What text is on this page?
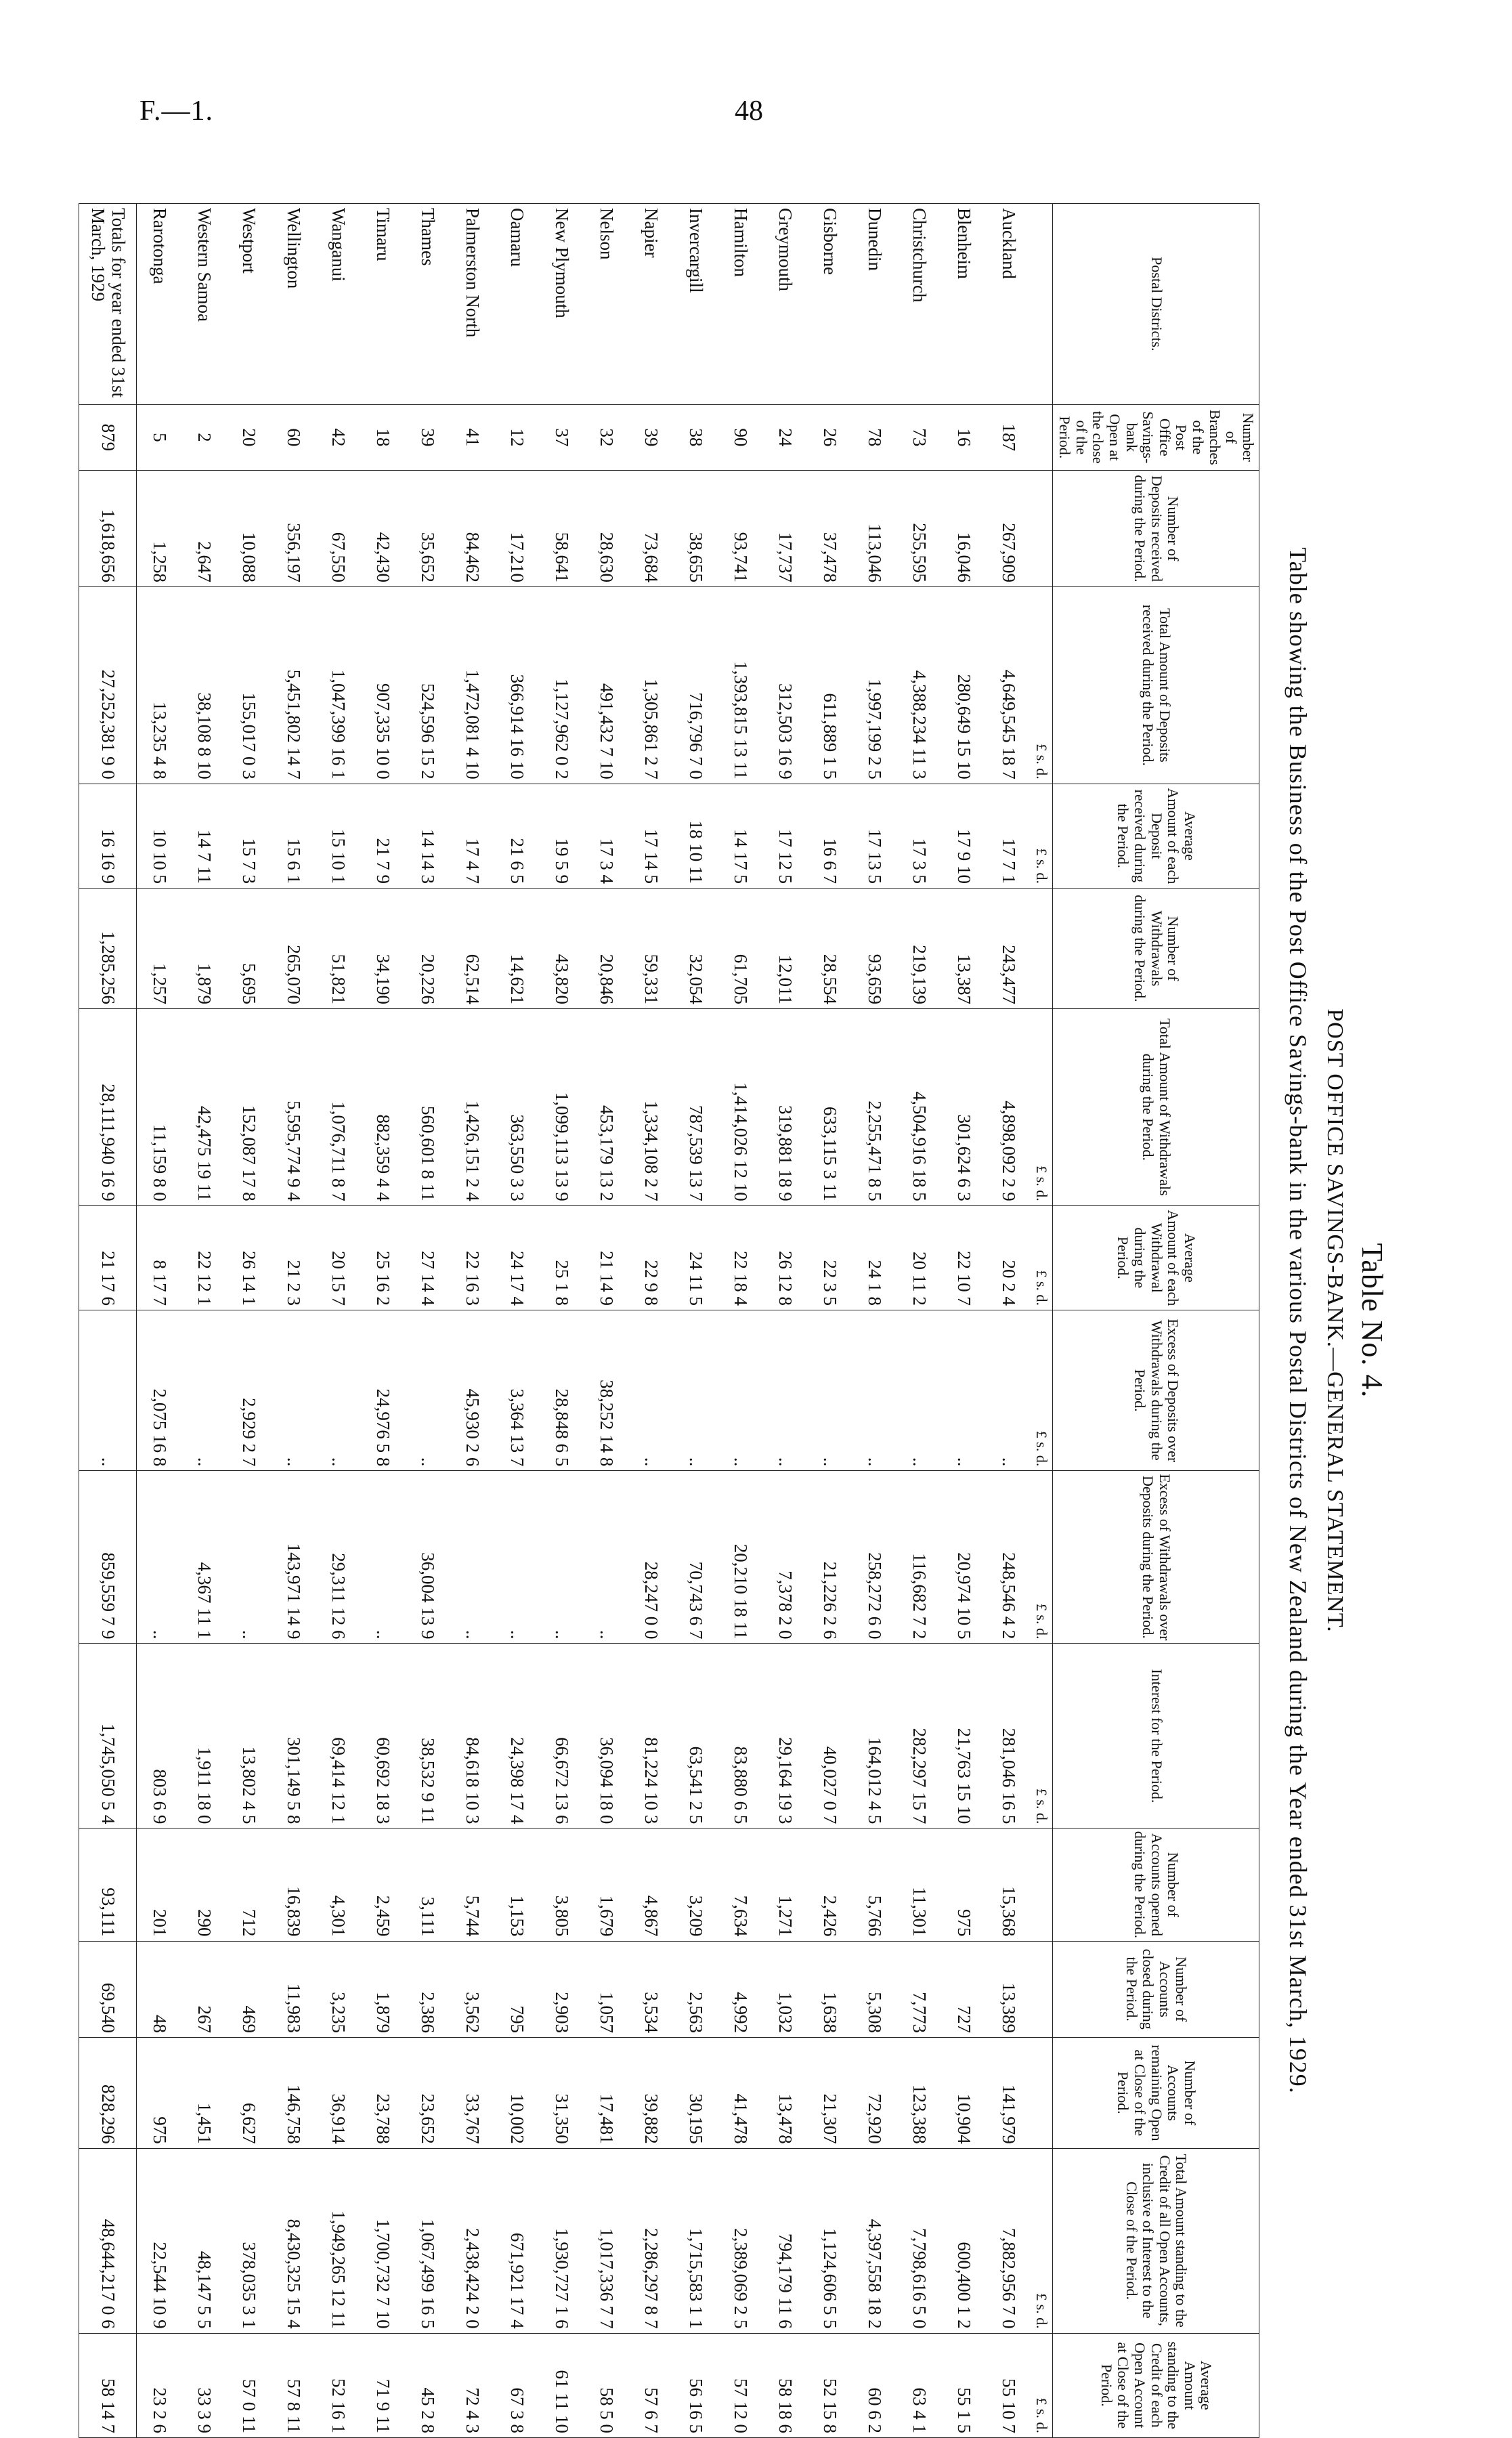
F.—1.	48
Table No. 4.
POST OFFICE SAVINGS-BANK.—GENERAL STATEMENT.
Table showing the Business of the Post Office Savings-bank in the various Postal Districts of New Zealand during the Year ended 31st March, 1929.
Postal Districts.	Number of Branches of the Post Office Savings-bank Open at the close of the Period.	Number of Deposits received during the Period.	Total Amount of Deposits received during the Period.	Average Amount of each Deposit received during the Period.	Number of Withdrawals during the Period.	Total Amount of Withdrawals during the Period.	Average Amount of each Withdrawal during the Period.	Excess of Deposits over Withdrawals during the Period.	Excess of Withdrawals over Deposits during the Period.	Interest for the Period.	Number of Accounts opened during the Period.	Number of Accounts closed during the Period.	Number of Accounts remaining Open at Close of the Period.	Total Amount standing to the Credit of all Open Accounts, inclusive of Interest to the Close of the Period.	Average Amount standing to the Credit of each Open Account at Close of the Period.
			£ s. d.	£ s. d.		£ s. d.	£ s. d.	£ s. d.	£ s. d.	£ s. d.				£ s. d.	£ s. d.
Auckland	187	267,909	4,649,545 18 7	17 7 1	243,477	4,898,092 2 9	20 2 4	..	248,546 4 2	281,046 16 5	15,368	13,389	141,979	7,882,956 7 0	55 10 7
Blenheim	16	16,046	280,649 15 10	17 9 10	13,387	301,624 6 3	22 10 7	..	20,974 10 5	21,763 15 10	975	727	10,904	600,400 1 2	55 1 5
Christchurch	73	255,595	4,388,234 11 3	17 3 5	219,139	4,504,916 18 5	20 11 2	..	116,682 7 2	282,297 15 7	11,301	7,773	123,388	7,798,616 5 0	63 4 1
Dunedin	78	113,046	1,997,199 2 5	17 13 5	93,659	2,255,471 8 5	24 1 8	..	258,272 6 0	164,012 4 5	5,766	5,308	72,920	4,397,558 18 2	60 6 2
Gisborne	26	37,478	611,889 1 5	16 6 7	28,554	633,115 3 11	22 3 5	..	21,226 2 6	40,027 0 7	2,426	1,638	21,307	1,124,606 5 5	52 15 8
Greymouth	24	17,737	312,503 16 9	17 12 5	12,011	319,881 18 9	26 12 8	..	7,378 2 0	29,164 19 3	1,271	1,032	13,478	794,179 11 6	58 18 6
Hamilton	90	93,741	1,393,815 13 11	14 17 5	61,705	1,414,026 12 10	22 18 4	..	20,210 18 11	83,880 6 5	7,634	4,992	41,478	2,389,069 2 5	57 12 0
Invercargill	38	38,655	716,796 7 0	18 10 11	32,054	787,539 13 7	24 11 5	..	70,743 6 7	63,541 2 5	3,209	2,563	30,195	1,715,583 1 1	56 16 5
Napier	39	73,684	1,305,861 2 7	17 14 5	59,331	1,334,108 2 7	22 9 8	..	28,247 0 0	81,224 10 3	4,867	3,534	39,882	2,286,297 8 7	57 6 7
Nelson	32	28,630	491,432 7 10	17 3 4	20,846	453,179 13 2	21 14 9	38,252 14 8	..	36,094 18 0	1,679	1,057	17,481	1,017,336 7 7	58 5 0
New Plymouth	37	58,641	1,127,962 0 2	19 5 9	43,820	1,099,113 13 9	25 1 8	28,848 6 5	..	66,672 13 6	3,805	2,903	31,350	1,930,727 1 6	61 11 10
Oamaru	12	17,210	366,914 16 10	21 6 5	14,621	363,550 3 3	24 17 4	3,364 13 7	..	24,398 17 4	1,153	795	10,002	671,921 17 4	67 3 8
Palmerston North	41	84,462	1,472,081 4 10	17 4 7	62,514	1,426,151 2 4	22 16 3	45,930 2 6	..	84,618 10 3	5,744	3,562	33,767	2,438,424 2 0	72 4 3
Thames	39	35,652	524,596 15 2	14 14 3	20,226	560,601 8 11	27 14 4	..	36,004 13 9	38,532 9 11	3,111	2,386	23,652	1,067,499 16 5	45 2 8
Timaru	18	42,430	907,335 10 0	21 7 9	34,190	882,359 4 4	25 16 2	24,976 5 8	..	60,692 18 3	2,459	1,879	23,788	1,700,732 7 10	71 9 11
Wanganui	42	67,550	1,047,399 16 1	15 10 1	51,821	1,076,711 8 7	20 15 7	..	29,311 12 6	69,414 12 1	4,301	3,235	36,914	1,949,265 12 11	52 16 1
Wellington	60	356,197	5,451,802 14 7	15 6 1	265,070	5,595,774 9 4	21 2 3	..	143,971 14 9	301,149 5 8	16,839	11,983	146,758	8,430,325 15 4	57 8 11
Westport	20	10,088	155,017 0 3	15 7 3	5,695	152,087 17 8	26 14 1	2,929 2 7	..	13,802 4 5	712	469	6,627	378,035 3 1	57 0 11
Western Samoa	2	2,647	38,108 8 10	14 7 11	1,879	42,475 19 11	22 12 1	..	4,367 11 1	1,911 18 0	290	267	1,451	48,147 5 5	33 3 9
Rarotonga	5	1,258	13,235 4 8	10 10 5	1,257	11,159 8 0	8 17 7	2,075 16 8	..	803 6 9	201	48	975	22,544 10 9	23 2 6
Totals for year ended 31st March, 1929	879	1,618,656	27,252,381 9 0	16 16 9	1,285,256	28,111,940 16 9	21 17 6	..	859,559 7 9	1,745,050 5 4	93,111	69,540	828,296	48,644,217 0 6	58 14 7
